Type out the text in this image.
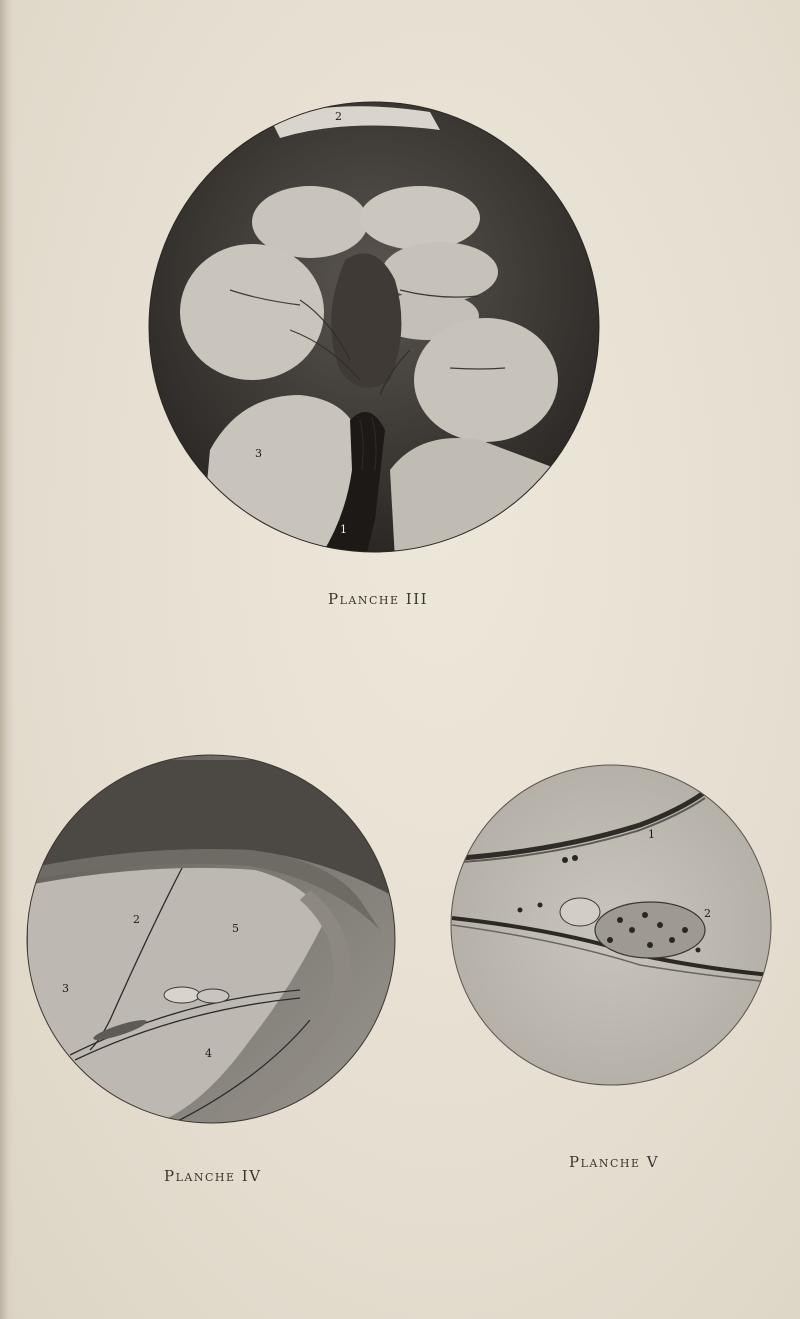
2
3
1
2
5
3
4
1
2
Planche III
Planche IV
Planche V
